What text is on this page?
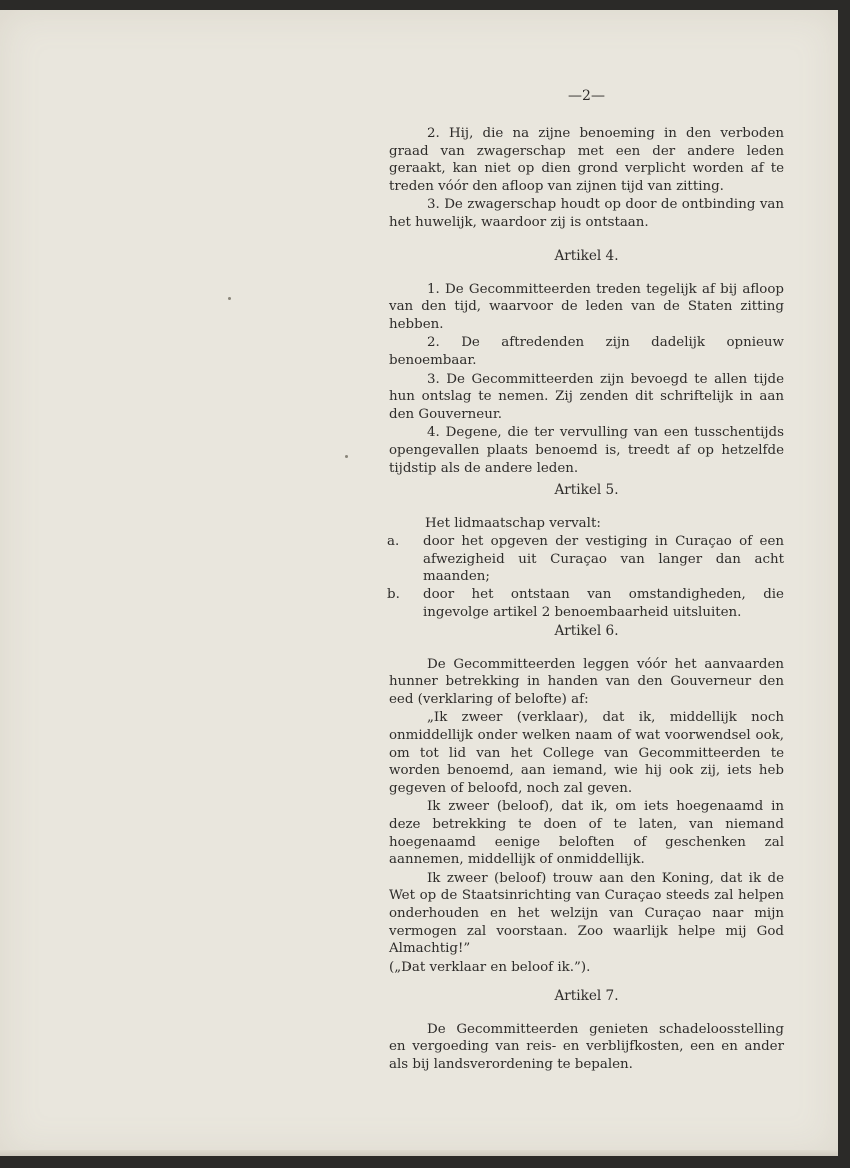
—2—

2. Hij, die na zijne benoeming in den verboden graad van zwagerschap met een der andere leden geraakt, kan niet op dien grond verplicht worden af te treden vóór den afloop van zijnen tijd van zitting.

3. De zwagerschap houdt op door de ontbinding van het huwelijk, waardoor zij is ontstaan.

Artikel 4.

1. De Gecommitteerden treden tegelijk af bij afloop van den tijd, waarvoor de leden van de Staten zitting hebben.

2. De aftredenden zijn dadelijk opnieuw benoembaar.

3. De Gecommitteerden zijn bevoegd te allen tijde hun ontslag te nemen. Zij zenden dit schriftelijk in aan den Gouverneur.

4. Degene, die ter vervulling van een tusschentijds opengevallen plaats benoemd is, treedt af op hetzelfde tijdstip als de andere leden.

Artikel 5.

Het lidmaatschap vervalt:

a.	door het opgeven der vestiging in Curaçao of een afwezigheid uit Curaçao van langer dan acht maanden;
b.	door het ontstaan van omstandigheden, die ingevolge artikel 2 benoembaarheid uitsluiten.

Artikel 6.

De Gecommitteerden leggen vóór het aanvaarden hunner betrekking in handen van den Gouverneur den eed (verklaring of belofte) af:

„Ik zweer (verklaar), dat ik, middellijk noch onmiddellijk onder welken naam of wat voorwendsel ook, om tot lid van het College van Gecommitteerden te worden benoemd, aan iemand, wie hij ook zij, iets heb gegeven of beloofd, noch zal geven.

Ik zweer (beloof), dat ik, om iets hoegenaamd in deze betrekking te doen of te laten, van niemand hoegenaamd eenige beloften of geschenken zal aannemen, middellijk of onmiddellijk.

Ik zweer (beloof) trouw aan den Koning, dat ik de Wet op de Staatsinrichting van Curaçao steeds zal helpen onderhouden en het welzijn van Curaçao naar mijn vermogen zal voorstaan. Zoo waarlijk helpe mij God Almachtig!”

(„Dat verklaar en beloof ik.”).

Artikel 7.

De Gecommitteerden genieten schadeloosstelling en vergoeding van reis- en verblijfkosten, een en ander als bij landsverordening te bepalen.
